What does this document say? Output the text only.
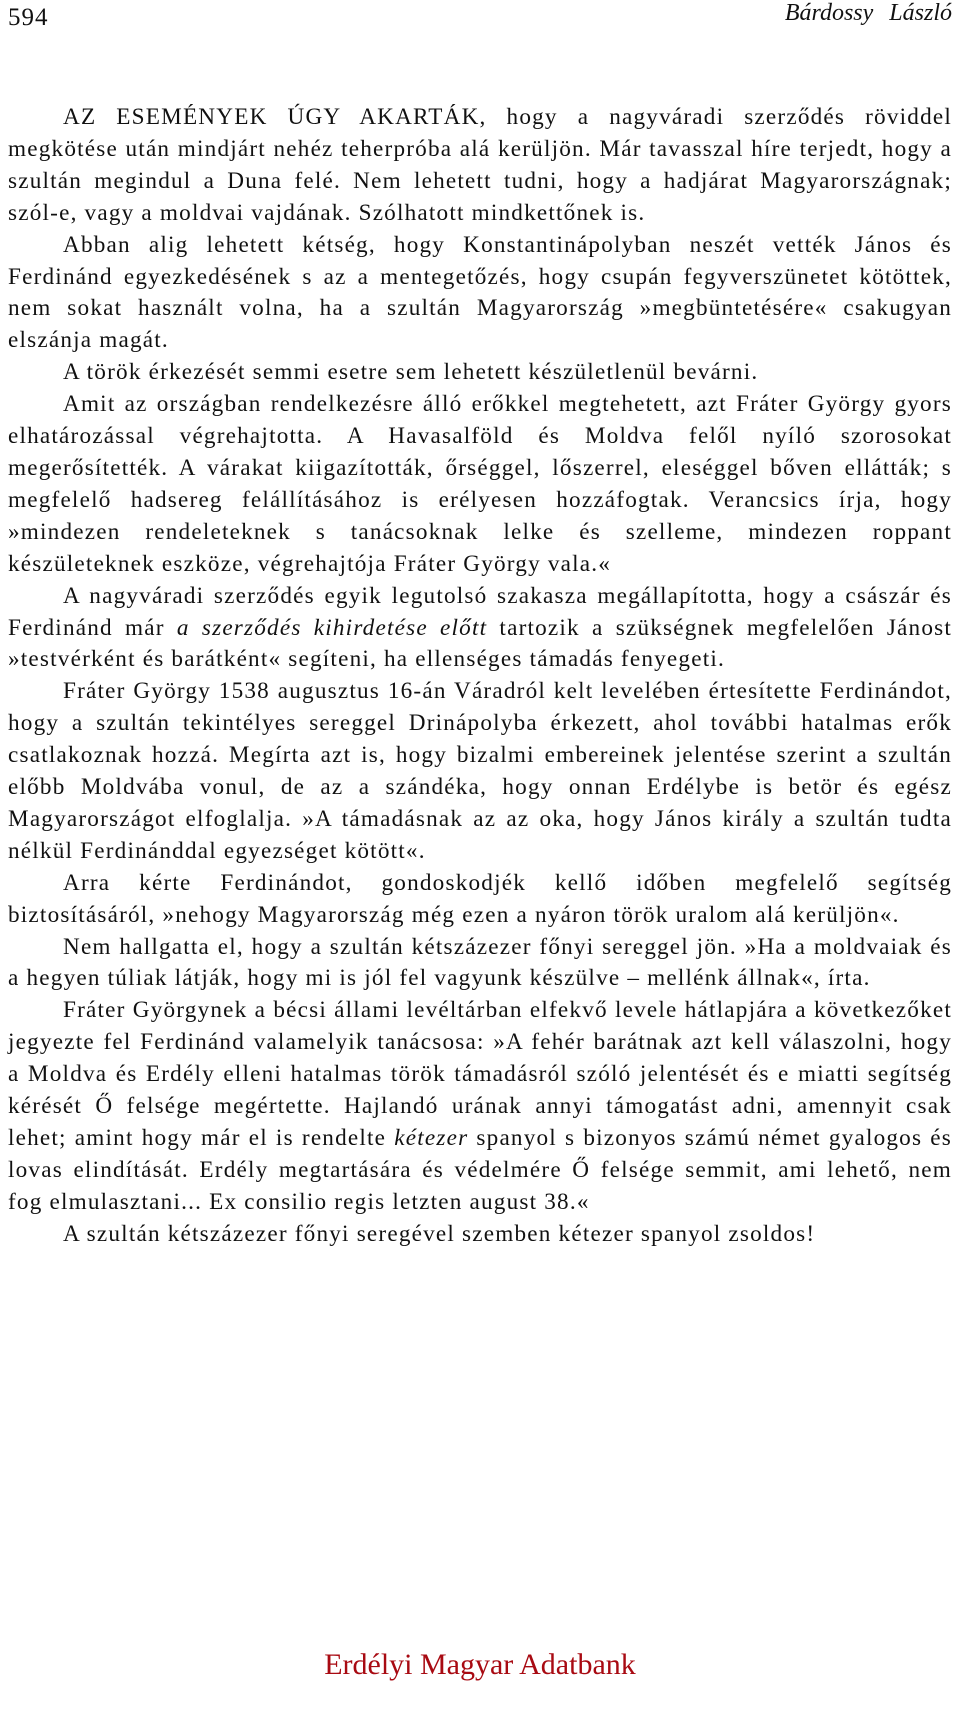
594	Bárdossy László

AZ ESEMÉNYEK ÚGY AKARTÁK, hogy a nagyváradi szerződés röviddel megkötése után mindjárt nehéz teherpróba alá kerüljön. Már tavasszal híre terjedt, hogy a szultán megindul a Duna felé. Nem lehetett tudni, hogy a hadjárat Magyarországnak; szól-e, vagy a moldvai vajdának. Szólhatott mindkettőnek is.

Abban alig lehetett kétség, hogy Konstantinápolyban neszét vették János és Ferdinánd egyezkedésének s az a mentegetőzés, hogy csupán fegyverszünetet kötöttek, nem sokat használt volna, ha a szultán Magyarország »megbüntetésére« csakugyan elszánja magát.

A török érkezését semmi esetre sem lehetett készületlenül bevárni.

Amit az országban rendelkezésre álló erőkkel megtehetett, azt Fráter György gyors elhatározással végrehajtotta. A Havasalföld és Moldva felől nyíló szorosokat megerősítették. A várakat kiigazították, őrséggel, lőszerrel, eleséggel bőven ellátták; s megfelelő hadsereg felállításához is erélyesen hozzáfogtak. Verancsics írja, hogy »mindezen rendeleteknek s tanácsoknak lelke és szelleme, mindezen roppant készületeknek eszköze, végrehajtója Fráter György vala.«

A nagyváradi szerződés egyik legutolsó szakasza megállapította, hogy a császár és Ferdinánd már a szerződés kihirdetése előtt tartozik a szükségnek megfelelően Jánost »testvérként és barátként« segíteni, ha ellenséges támadás fenyegeti.

Fráter György 1538 augusztus 16-án Váradról kelt levelében értesítette Ferdinándot, hogy a szultán tekintélyes sereggel Drinápolyba érkezett, ahol további hatalmas erők csatlakoznak hozzá. Megírta azt is, hogy bizalmi embereinek jelentése szerint a szultán előbb Moldvába vonul, de az a szándéka, hogy onnan Erdélybe is betör és egész Magyarországot elfoglalja. »A támadásnak az az oka, hogy János király a szultán tudta nélkül Ferdinánddal egyezséget kötött«.

Arra kérte Ferdinándot, gondoskodjék kellő időben megfelelő segítség biztosításáról, »nehogy Magyarország még ezen a nyáron török uralom alá kerüljön«.

Nem hallgatta el, hogy a szultán kétszázezer főnyi sereggel jön. »Ha a moldvaiak és a hegyen túliak látják, hogy mi is jól fel vagyunk készülve – mellénk állnak«, írta.

Fráter Györgynek a bécsi állami levéltárban elfekvő levele hátlapjára a következőket jegyezte fel Ferdinánd valamelyik tanácsosa: »A fehér barátnak azt kell válaszolni, hogy a Moldva és Erdély elleni hatalmas török támadásról szóló jelentését és e miatti segítség kérését Ő felsége megértette. Hajlandó urának annyi támogatást adni, amennyit csak lehet; amint hogy már el is rendelte kétezer spanyol s bizonyos számú német gyalogos és lovas elindítását. Erdély megtartására és védelmére Ő felsége semmit, ami lehető, nem fog elmulasztani... Ex consilio regis letzten august 38.«

A szultán kétszázezer főnyi seregével szemben kétezer spanyol zsoldos!

Erdélyi Magyar Adatbank
